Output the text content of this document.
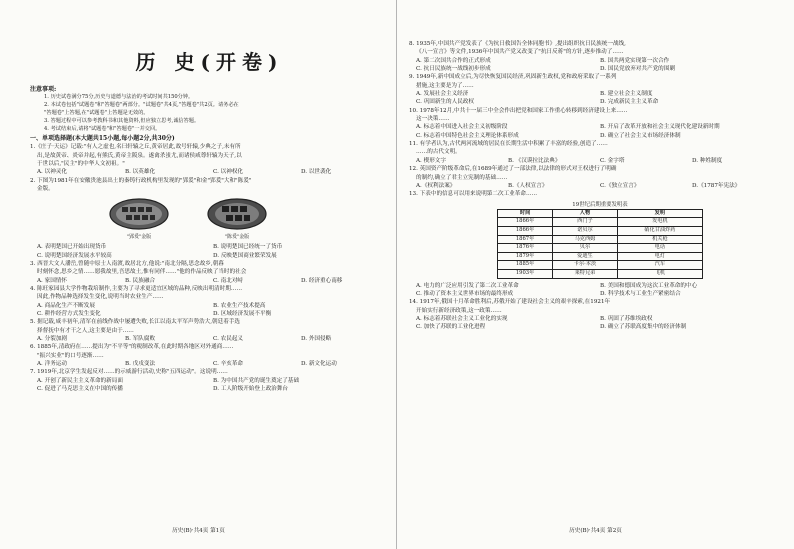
历 史(开卷)
注意事项:
1. 历史试卷满分75分,历史与道德与法治的考试时间共150分钟。
2. 本试卷包括"试题卷"和"答题卷"两部分。"试题卷"共4页,"答题卷"共2页。请务必在
"答题卷"上答题,在"试题卷"上答题是无效的。
3. 答题过程中可以参考教科书和其他资料,但应独立思考,诚信答题。
4. 考试结束后,请将"试题卷"和"答题卷"一并交回。
一、单项选择题(本大题共15小题,每小题2分,共30分)
1.《庄子·天运》记载:"有人之虚也,名曰轩辕之丘,黄帝居此,故号轩辕,少典之子,未有所
出,是故黄帝、炎帝并起,有熊氏,黄帝主阪泉。遂禽杀蚩尤,而诸侯咸尊轩辕为天子,以
于世以后,"民主"的中华人文初祖。"
A. 以神灵化	B. 以英雄化	C. 以神权化	D. 以世袭化
2. 下图为1981年在安徽贵池县出土的秦铸行政机构里发现的"郢爰"和金"郢爰"大和"陈爰"
金版。
"郢爰"金版	"陈爰"金版
A. 表明楚国已开始出现货币	B. 说明楚国已经统一了货币
C. 说明楚国经济发展水平较高	D. 反映楚国商业繁荣发展
3. 西晋大文人潘岳,曾随中原士人南渡,故居北方,他说:"南北分隔,思念故乡,朝暮
时刻怀念,思乡之情……愿我故里,吾思故土,惟有同伴……"他的作品反映了当时的社会
A. 家国情怀	B. 民族融合	C. 南北对峙	D. 经济重心南移
4. 陈旺家园县大学作物栽培制作,主要为了寻求更适宜区域的品种,反映出明清时期……
因此,作物品种选择发生变化,说明当时农业生产……
A. 商品化生产不断发展	B. 农业生产技术提高
C. 耕作经营方式发生变化	D. 区域经济发展不平衡
5. 据记载,咸丰初年,清军在前线作战中屡遭失败,长江以南太平军声势浩大,朝廷着手选
择督抚中有才干之人,这主要是由于……
A. 分裂加剧	B. 军队腐败	C. 农民起义	D. 外国侵略
6. 1885年,清政府在……提出为"不平等"的税制改革,在此时期各地区对外通商……
"振兴实业"的口号逐渐……
A. 洋务运动	B. 戊戌变法	C. 辛亥革命	D. 新文化运动
7. 1919年,北京学生发起反对……的示威游行活动,史称"五四运动"。这说明……
A. 开创了新民主主义革命的新局面	B. 为中国共产党的诞生奠定了基础
C. 促进了马克思主义在中国的传播	D. 工人阶级开始登上政治舞台
历史(B)·共4页 第1页
8. 1935年,中国共产党发表了《为抗日救国告全体同胞书》,提出组织抗日民族统一战线,
《八一宣言》等文件,1936年中国共产党又改变了"抗日反蒋"的方针,逐步推动了……
A. 第二次国共合作的正式形成	B. 国共两党实现第一次合作
C. 抗日民族统一战线初步形成	D. 国民党放弃对共产党的围剿
9. 1949年,新中国成立后,为尽快恢复国民经济,巩固新生政权,党和政府采取了一系列
措施,这主要是为了……
A. 发展社会主义经济	B. 建立社会主义制度
C. 巩固新生的人民政权	D. 完成新民主主义革命
10. 1978年12月,中共十一届三中全会作出把党和国家工作重心转移到经济建设上来……
这一决策……
A. 标志着中国进入社会主义初级阶段	B. 开启了改革开放和社会主义现代化建设新时期
C. 标志着中国特色社会主义理论体系形成	D. 确立了社会主义市场经济体制
11. 有学者认为,古代两河流域的居民在长期生活中积累了丰富的经验,创造了……
……的古代文明。
A. 楔形文字	B. 《汉谟拉比法典》	C. 金字塔	D. 种姓制度
12. 英国资产阶级革命后,在1689年通过了一部法律,以法律的形式对王权进行了明确
的制约,确立了君主立宪制的基础……
A.《权利法案》	B.《人权宣言》	C.《独立宣言》	D.《1787年宪法》
13. 下表中的信息可以用来说明第二次工业革命……
19世纪后期重要发明表
时间	人物	发明
1866年	西门子	发电机
1866年	诺贝尔	硝化甘油炸药
1867年	马克西姆	机关枪
1876年	贝尔	电话
1879年	爱迪生	电灯
1885年	卡尔·本茨	汽车
1903年	莱特兄弟	飞机
A. 电力的广泛应用引发了第二次工业革命	B. 美国和德国成为这次工业革命的中心
C. 推动了资本主义世界市场的最终形成	D. 科学技术与工业生产紧密结合
14. 1917年,俄国十月革命胜利后,苏俄开始了建设社会主义的艰辛探索,在1921年
开始实行新经济政策,这一政策……
A. 标志着苏联社会主义工业化的实现	B. 巩固了苏维埃政权
C. 加快了苏联的工业化进程	D. 确立了苏联高度集中的经济体制
历史(B)·共4页 第2页
